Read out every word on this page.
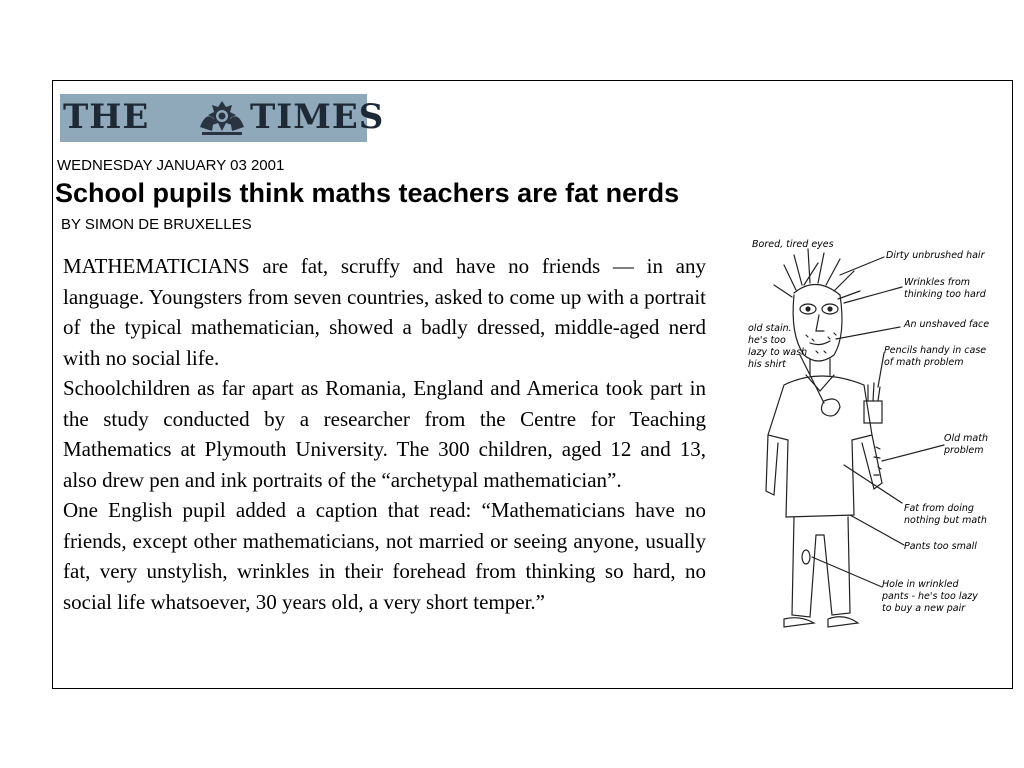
THE	TIMES
WEDNESDAY JANUARY 03 2001
School pupils think maths teachers are fat nerds
BY SIMON DE BRUXELLES

MATHEMATICIANS are fat, scruffy and have no friends — in any language. Youngsters from seven countries, asked to come up with a portrait of the typical mathematician, showed a badly dressed, middle-aged nerd with no social life.

Schoolchildren as far apart as Romania, England and America took part in the study conducted by a researcher from the Centre for Teaching Mathematics at Plymouth University. The 300 children, aged 12 and 13, also drew pen and ink portraits of the “archetypal mathematician”.

One English pupil added a caption that read: “Mathematicians have no friends, except other mathematicians, not married or seeing anyone, usually fat, very unstylish, wrinkles in their forehead from thinking so hard, no social life whatsoever, 30 years old, a very short temper.”

Bored, tired eyes
Dirty unbrushed hair
Wrinkles from
thinking too hard
An unshaved face
old stain.
he's too
lazy to wash
his shirt
Pencils handy in case
of math problem
Old math
problem
Fat from doing
nothing but math
Pants too small
Hole in wrinkled
pants - he's too lazy
to buy a new pair
